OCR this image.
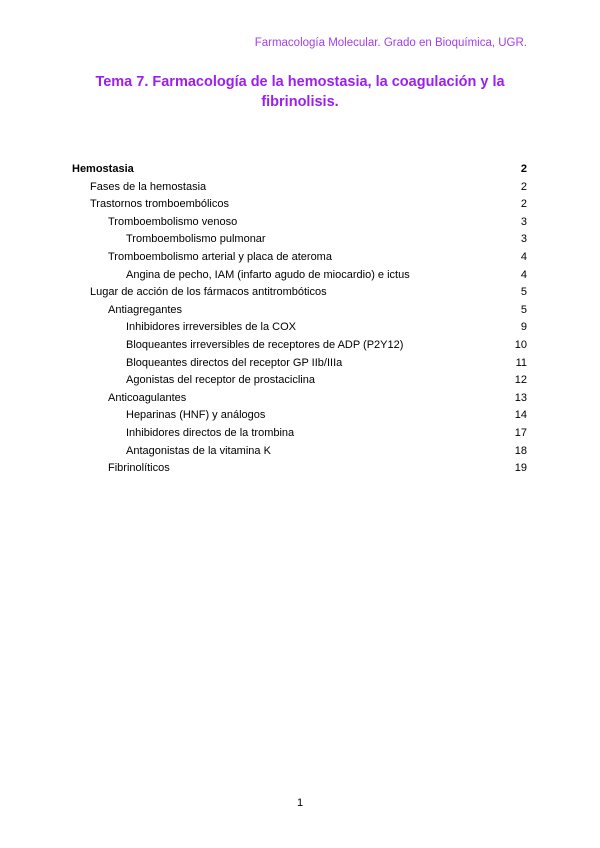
Farmacología Molecular. Grado en Bioquímica, UGR.
Tema 7. Farmacología de la hemostasia, la coagulación y la fibrinolisis.
Hemostasia	2
Fases de la hemostasia	2
Trastornos tromboembólicos	2
Tromboembolismo venoso	3
Tromboembolismo pulmonar	3
Tromboembolismo arterial y placa de ateroma	4
Angina de pecho, IAM (infarto agudo de miocardio) e ictus	4
Lugar de acción de los fármacos antitrombóticos	5
Antiagregantes	5
Inhibidores irreversibles de la COX	9
Bloqueantes irreversibles de receptores de ADP (P2Y12)	10
Bloqueantes directos del receptor GP IIb/IIIa	11
Agonistas del receptor de prostaciclina	12
Anticoagulantes	13
Heparinas (HNF) y análogos	14
Inhibidores directos de la trombina	17
Antagonistas de la vitamina K	18
Fibrinolíticos	19
1
